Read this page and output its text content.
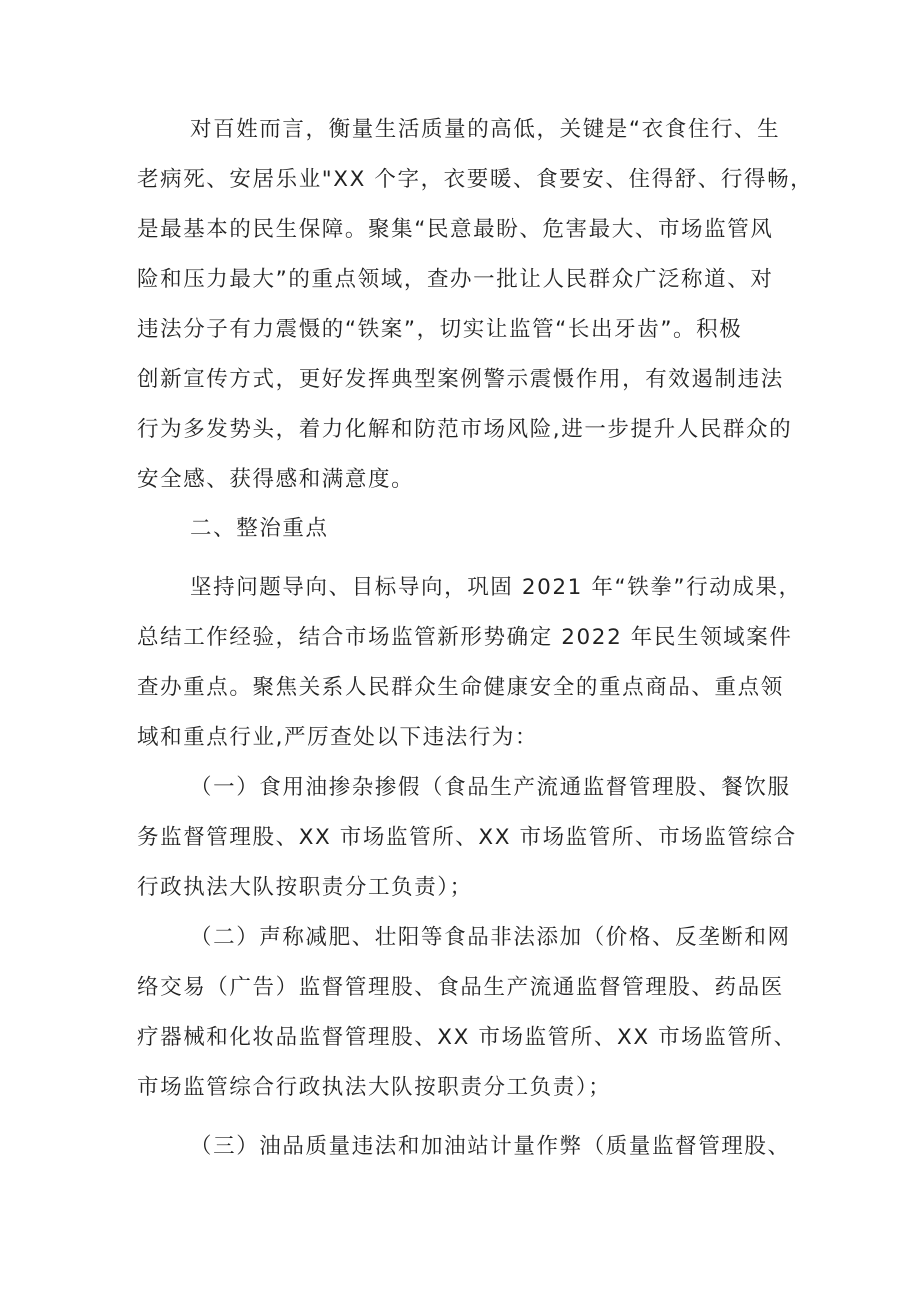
对百姓而言，衡量生活质量的高低，关键是“衣食住行、生
老病死、安居乐业"XX 个字，衣要暖、食要安、住得舒、行得畅，
是最基本的民生保障。聚集“民意最盼、危害最大、市场监管风
险和压力最大”的重点领域，查办一批让人民群众广泛称道、对
违法分子有力震慑的“铁案”，切实让监管“长出牙齿”。积极
创新宣传方式，更好发挥典型案例警示震慑作用，有效遏制违法
行为多发势头，着力化解和防范市场风险,进一步提升人民群众的
安全感、获得感和满意度。
二、整治重点
坚持问题导向、目标导向，巩固 2021 年“铁拳”行动成果，
总结工作经验，结合市场监管新形势确定 2022 年民生领域案件
查办重点。聚焦关系人民群众生命健康安全的重点商品、重点领
域和重点行业,严厉查处以下违法行为：
（一）食用油掺杂掺假（食品生产流通监督管理股、餐饮服
务监督管理股、XX 市场监管所、XX 市场监管所、市场监管综合
行政执法大队按职责分工负责）；
（二）声称减肥、壮阳等食品非法添加（价格、反垄断和网
络交易（广告）监督管理股、食品生产流通监督管理股、药品医
疗器械和化妆品监督管理股、XX 市场监管所、XX 市场监管所、
市场监管综合行政执法大队按职责分工负责）；
（三）油品质量违法和加油站计量作弊（质量监督管理股、
